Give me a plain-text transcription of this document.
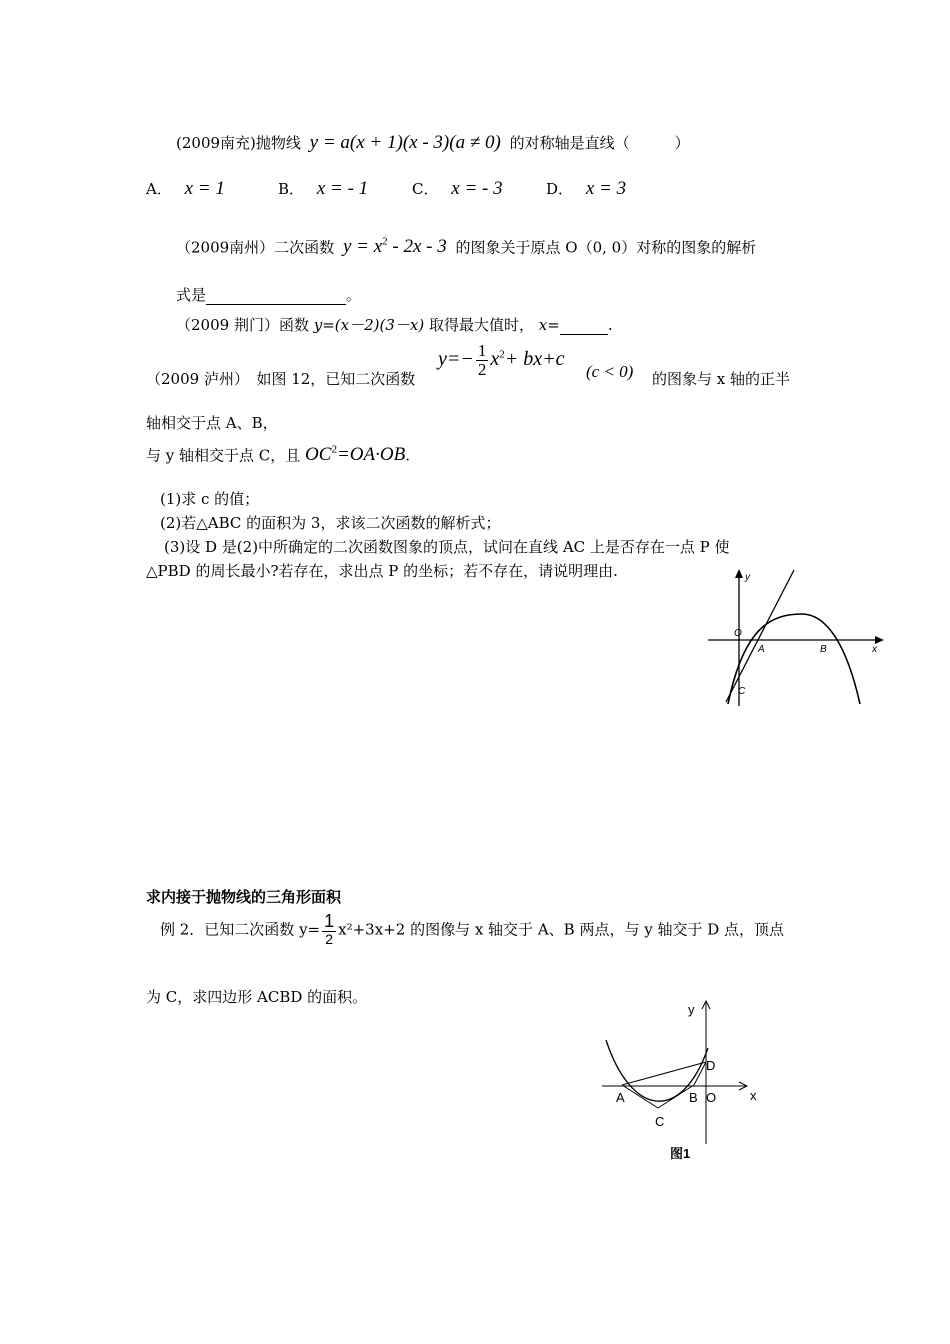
(2009南充)抛物线 y = a(x + 1)(x - 3)(a ≠ 0) 的对称轴是直线（　　　）
A． x = 1	B． x = - 1	C． x = - 3	D． x = 3
（2009南州）二次函数 $y = x^2 - 2x - 3$ 的图象关于原点 O（0, 0）对称的图象的解析
式是	。
（2009 荆门）函数 y=(x－2)(3－x) 取得最大值时， x=	.
（2009 泸州）　如图 12，已知二次函数
$y=- \frac{1}{2} x^2+ bx+c$
(c < 0) 的图象与 x 轴的正半
轴相交于点 A、B，
与 y 轴相交于点 C，且 $OC^2=OA\cdot OB$.
(1)求 c 的值；
(2)若△ABC 的面积为 3，求该二次函数的解析式；
(3)设 D 是(2)中所确定的二次函数图象的顶点，试问在直线 AC 上是否存在一点 P 使
△PBD 的周长最小?若存在，求出点 P 的坐标；若不存在，请说明理由.	y
O
A	B	x
C
求内接于抛物线的三角形面积
例 2．已知二次函数 $y= \frac{1}{2} x^2+3x+2$ 的图像与 x 轴交于 A、B 两点，与 y 轴交于 D 点，顶点
为 C，求四边形 ACBD 的面积。
y
D
A	B O	x
C
图1
